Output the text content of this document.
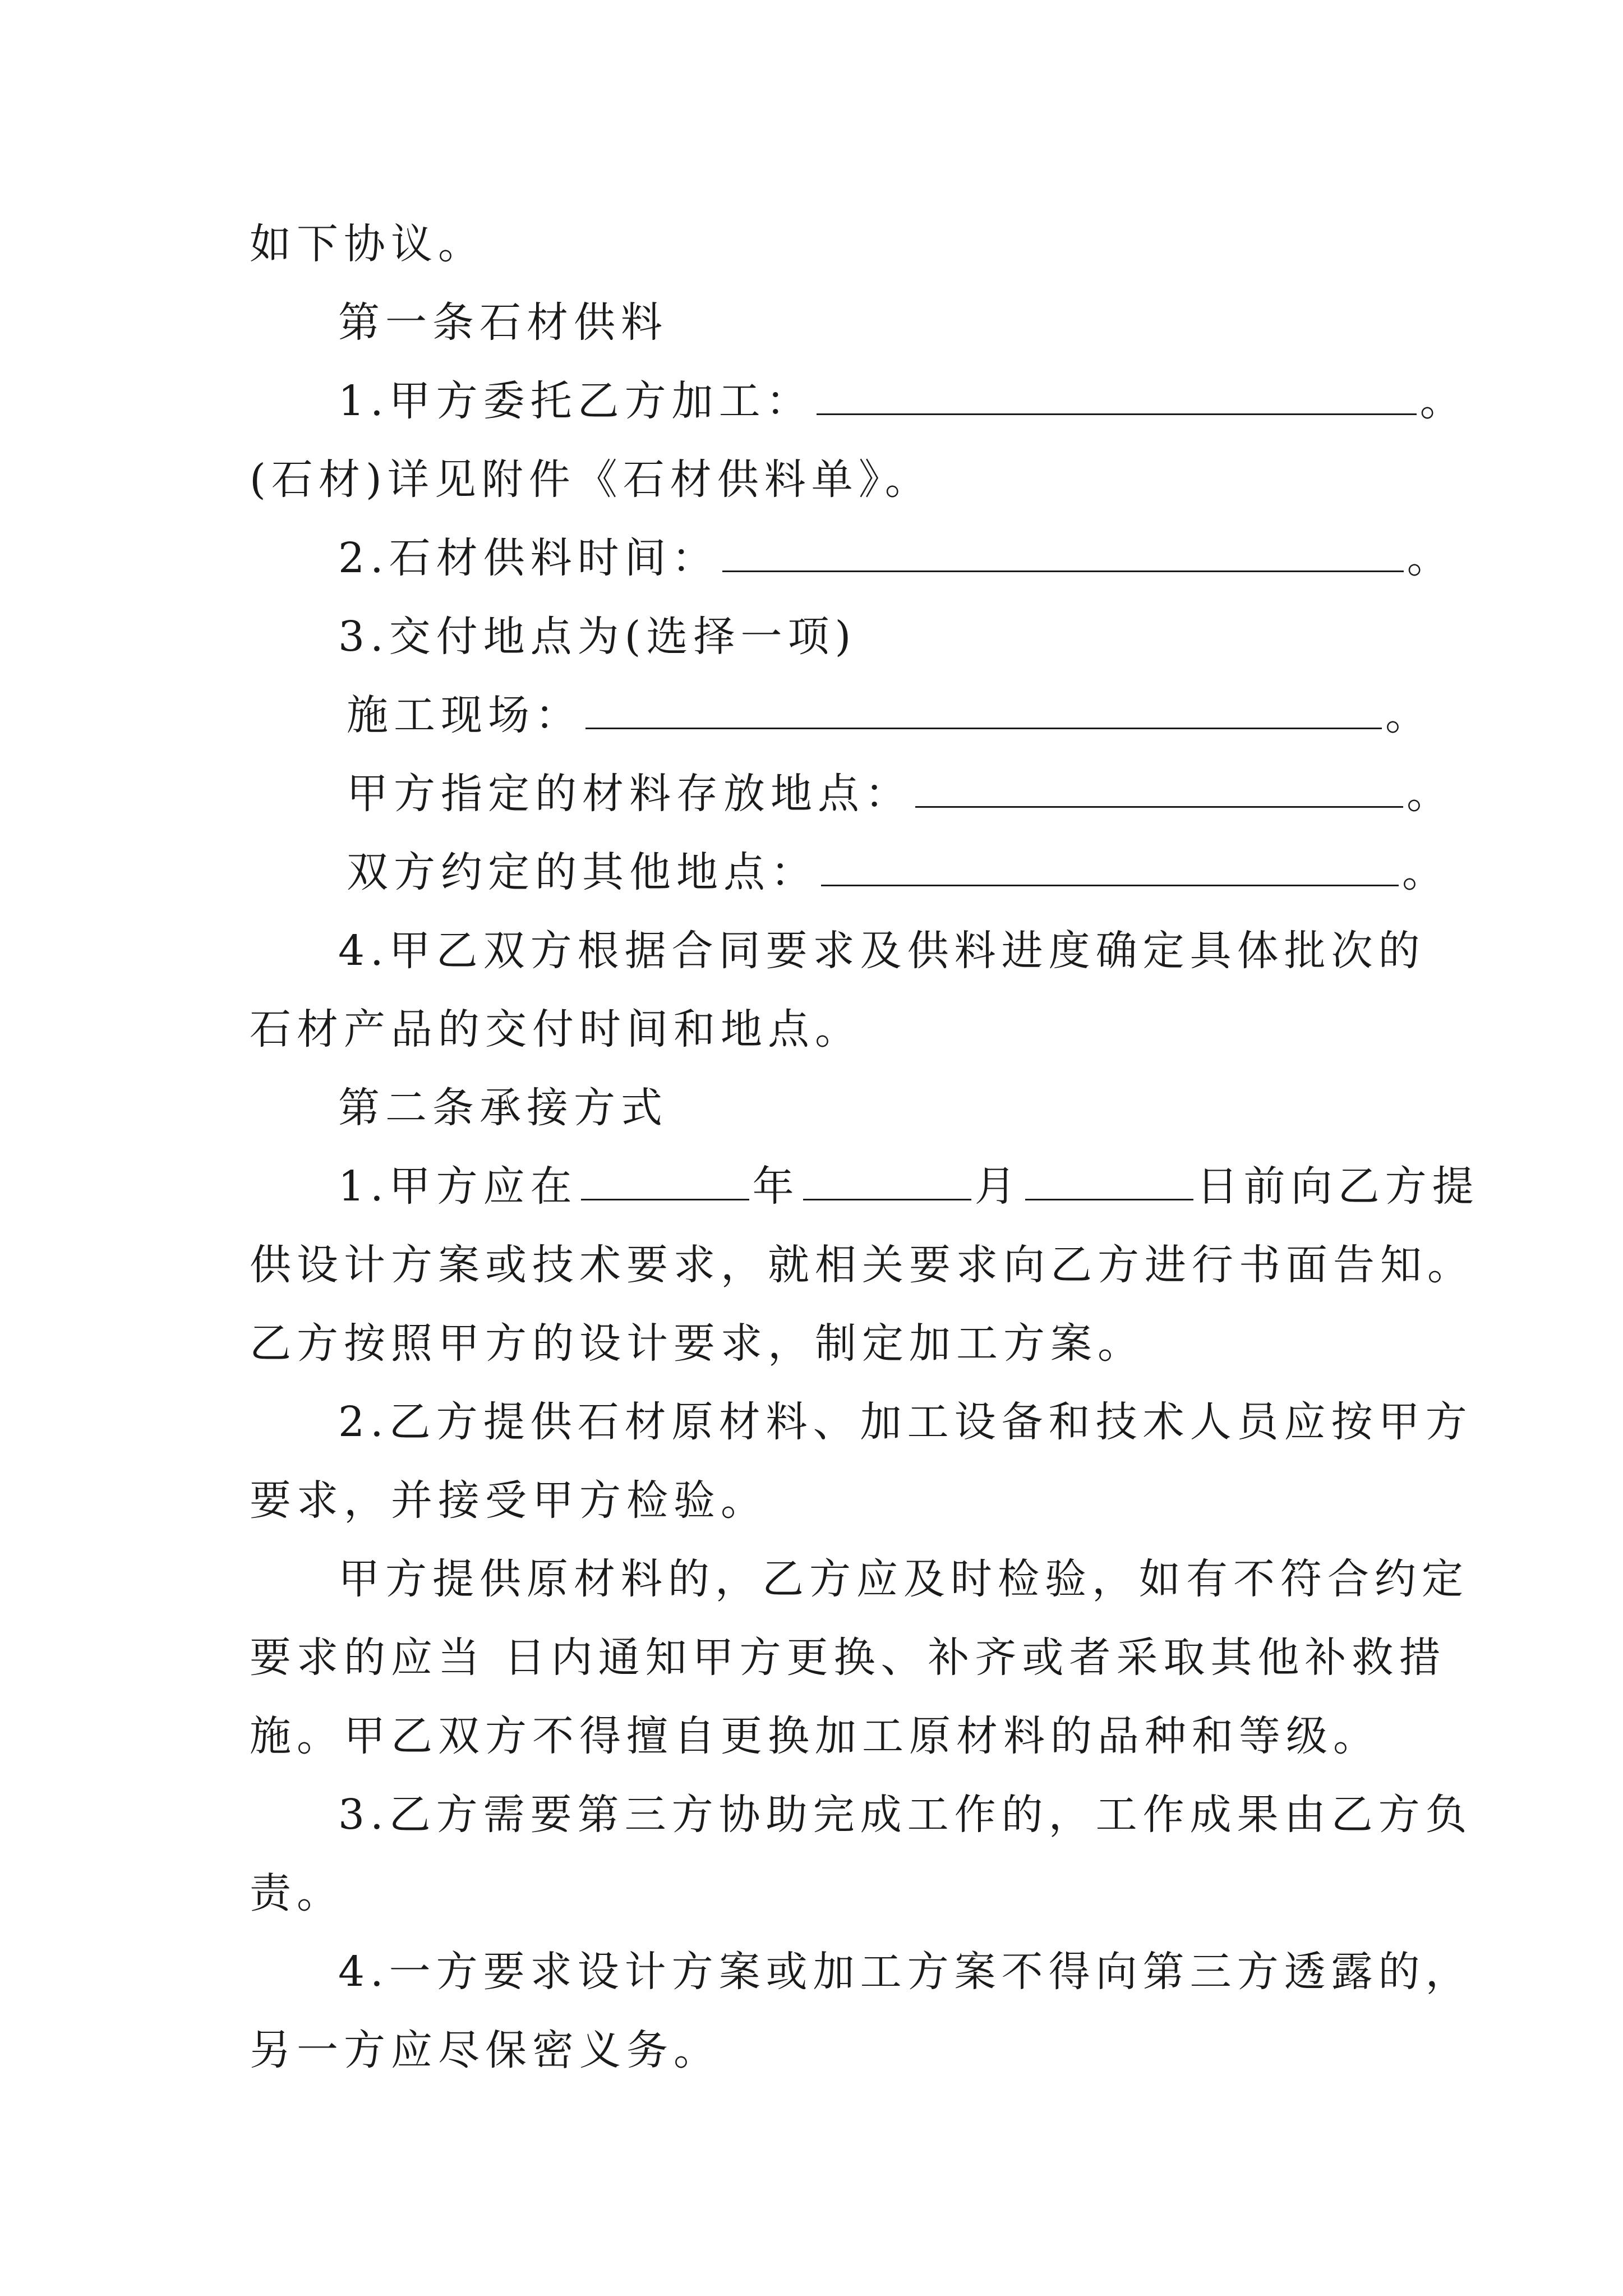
如下协议。
第一条石材供料
1.甲方委托乙方加工：	。
(石材)详见附件《石材供料单》。
2.石材供料时间：	。
3.交付地点为(选择一项)
施工现场：	。
甲方指定的材料存放地点：	。
双方约定的其他地点：	。
4.甲乙双方根据合同要求及供料进度确定具体批次的
石材产品的交付时间和地点。
第二条承接方式
1.甲方应在	年	月	日前向乙方提
供设计方案或技术要求，就相关要求向乙方进行书面告知。
乙方按照甲方的设计要求，制定加工方案。
2.乙方提供石材原材料、加工设备和技术人员应按甲方
要求，并接受甲方检验。
甲方提供原材料的，乙方应及时检验，如有不符合约定
要求的应当 日内通知甲方更换、补齐或者采取其他补救措
施。甲乙双方不得擅自更换加工原材料的品种和等级。
3.乙方需要第三方协助完成工作的，工作成果由乙方负
责。
4.一方要求设计方案或加工方案不得向第三方透露的，
另一方应尽保密义务。
